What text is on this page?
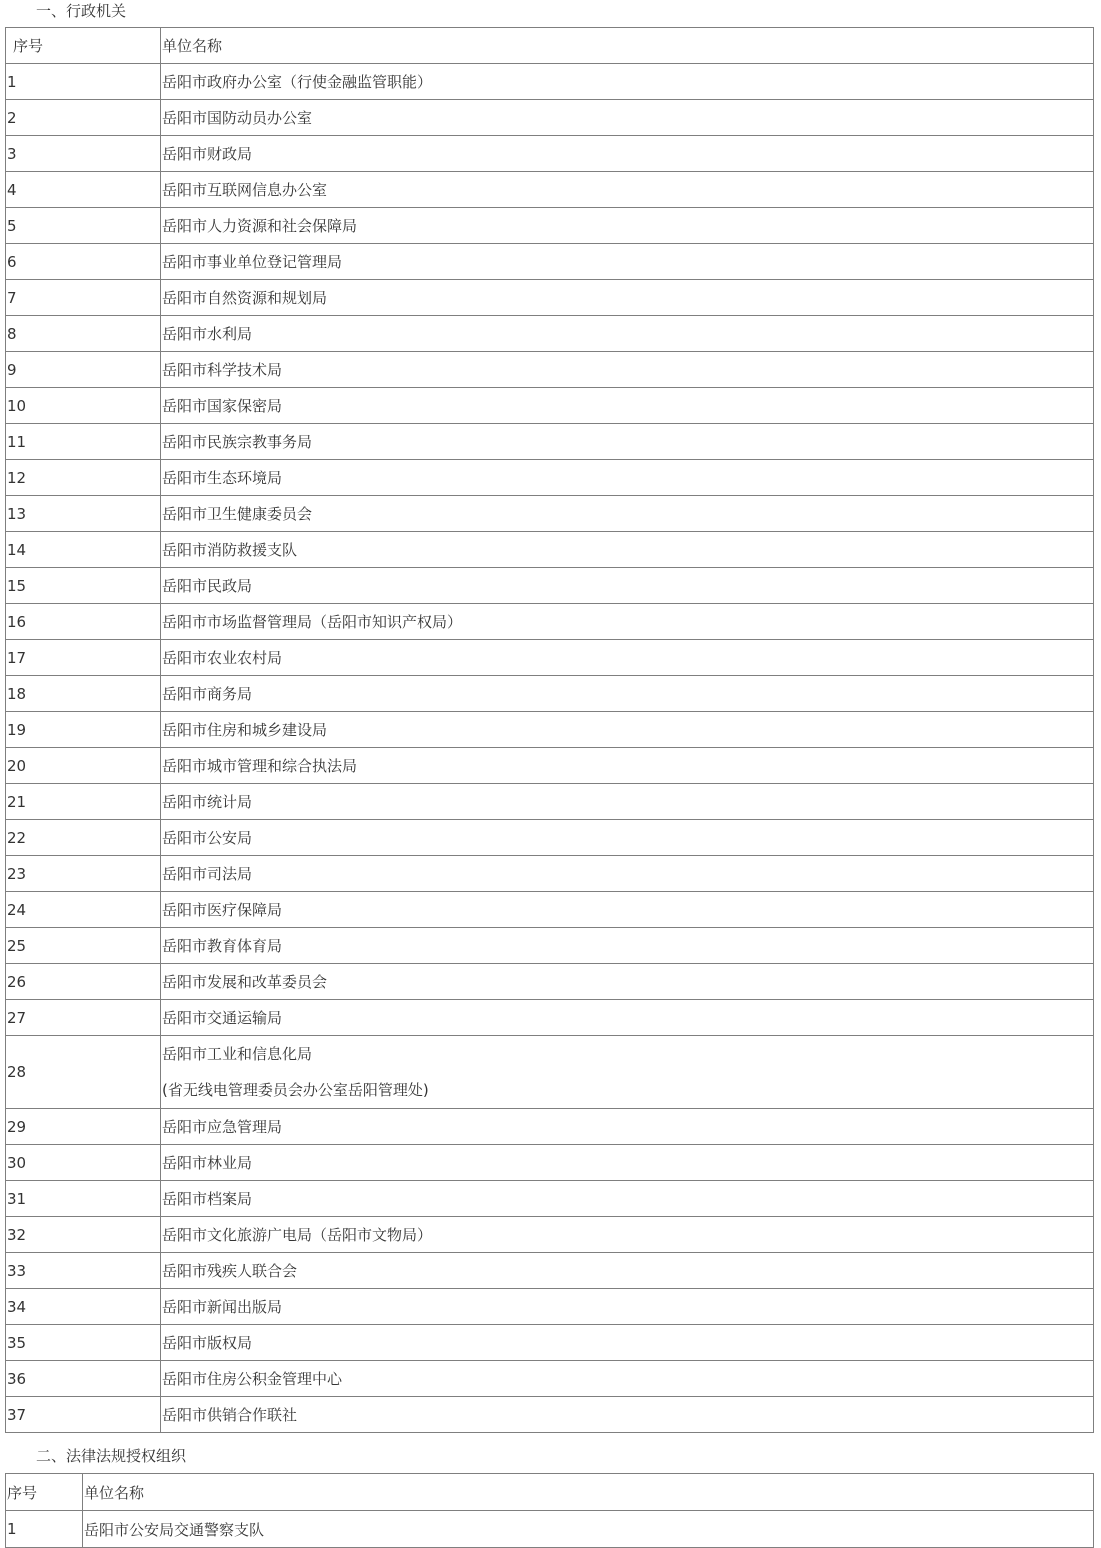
一、行政机关
序号	单位名称
1	岳阳市政府办公室（行使金融监管职能）
2	岳阳市国防动员办公室
3	岳阳市财政局
4	岳阳市互联网信息办公室
5	岳阳市人力资源和社会保障局
6	岳阳市事业单位登记管理局
7	岳阳市自然资源和规划局
8	岳阳市水利局
9	岳阳市科学技术局
10	岳阳市国家保密局
11	岳阳市民族宗教事务局
12	岳阳市生态环境局
13	岳阳市卫生健康委员会
14	岳阳市消防救援支队
15	岳阳市民政局
16	岳阳市市场监督管理局（岳阳市知识产权局）
17	岳阳市农业农村局
18	岳阳市商务局
19	岳阳市住房和城乡建设局
20	岳阳市城市管理和综合执法局
21	岳阳市统计局
22	岳阳市公安局
23	岳阳市司法局
24	岳阳市医疗保障局
25	岳阳市教育体育局
26	岳阳市发展和改革委员会
27	岳阳市交通运输局
28	岳阳市工业和信息化局
(省无线电管理委员会办公室岳阳管理处)

29	岳阳市应急管理局
30	岳阳市林业局
31	岳阳市档案局
32	岳阳市文化旅游广电局（岳阳市文物局）
33	岳阳市残疾人联合会
34	岳阳市新闻出版局
35	岳阳市版权局
36	岳阳市住房公积金管理中心
37	岳阳市供销合作联社
二、法律法规授权组织
序号	单位名称
1	岳阳市公安局交通警察支队
